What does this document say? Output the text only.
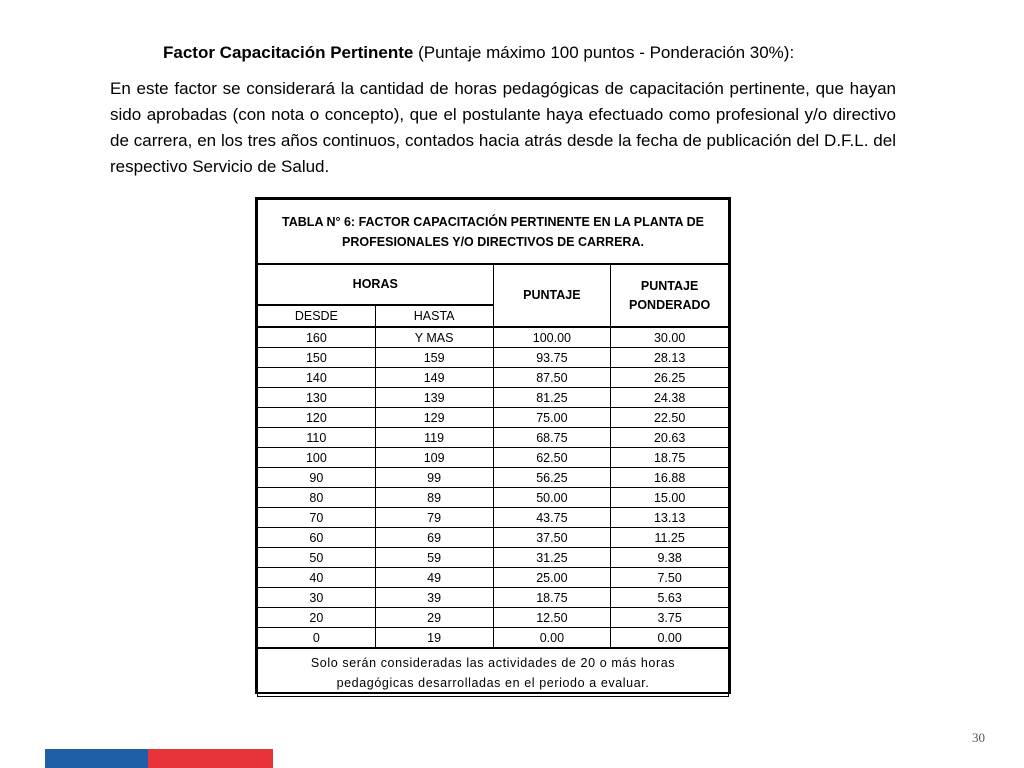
Factor Capacitación Pertinente (Puntaje máximo 100 puntos - Ponderación 30%):
En este factor se considerará la cantidad de horas pedagógicas de capacitación pertinente, que hayan sido aprobadas (con nota o concepto), que el postulante haya efectuado como profesional y/o directivo de carrera, en los tres años continuos, contados hacia atrás desde la fecha de publicación del D.F.L. del respectivo Servicio de Salud.
TABLA N° 6: FACTOR CAPACITACIÓN PERTINENTE EN LA PLANTA DE
PROFESIONALES Y/O DIRECTIVOS DE CARRERA.			
HORAS		PUNTAJE	PUNTAJE
PONDERADO
DESDE	HASTA		
160	Y MAS	100.00	30.00
150	159	93.75	28.13
140	149	87.50	26.25
130	139	81.25	24.38
120	129	75.00	22.50
110	119	68.75	20.63
100	109	62.50	18.75
90	99	56.25	16.88
80	89	50.00	15.00
70	79	43.75	13.13
60	69	37.50	11.25
50	59	31.25	9.38
40	49	25.00	7.50
30	39	18.75	5.63
20	29	12.50	3.75
0	19	0.00	0.00
Solo serán consideradas las actividades de 20 o más horas
pedagógicas desarrolladas en el periodo a evaluar.			
30
